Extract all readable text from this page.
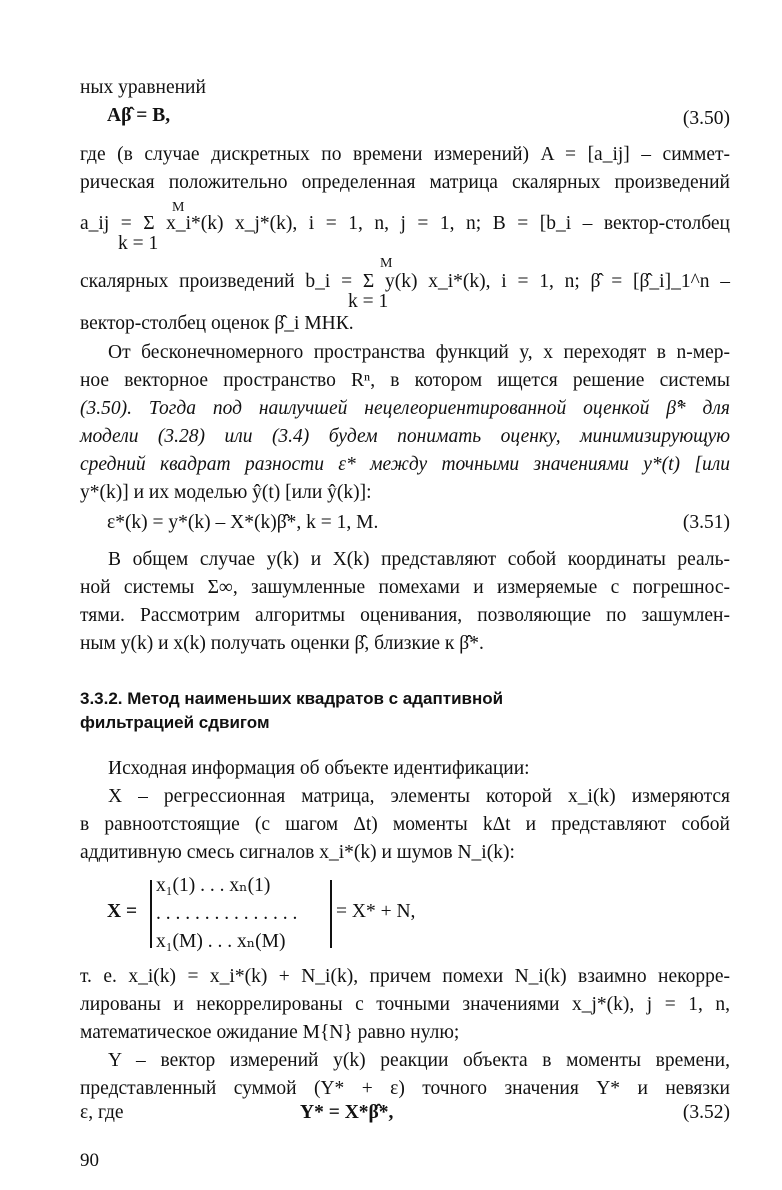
ных уравнений
Aβ̂ = B,	(3.50)
где (в случае дискретных по времени измерений) A = [a_ij] – симмет-
рическая положительно определенная матрица скалярных произведений
M
a_ij = Σ x_i*(k) x_j*(k), i = 1, n, j = 1, n; B = [b_i – вектор-столбец
k = 1
M
скалярных произведений b_i = Σ y(k) x_i*(k), i = 1, n; β̂ = [β̂_i]_1^n –
k = 1
вектор-столбец оценок β̂_i МНК.
От бесконечномерного пространства функций y, x переходят в n-мер-
ное векторное пространство Rⁿ, в котором ищется решение системы
(3.50). Тогда под наилучшей нецелеориентированной оценкой β̂* для
модели (3.28) или (3.4) будем понимать оценку, минимизирующую
средний квадрат разности ε* между точными значениями y*(t) [или
y*(k)] и их моделью ŷ(t) [или ŷ(k)]:
ε*(k) = y*(k) – X*(k)β̂*, k = 1, M.	(3.51)
В общем случае y(k) и X(k) представляют собой координаты реаль-
ной системы Σ∞, зашумленные помехами и измеряемые с погрешнос-
тями. Рассмотрим алгоритмы оценивания, позволяющие по зашумлен-
ным y(k) и x(k) получать оценки β̂, близкие к β̂*.
3.3.2. Метод наименьших квадратов с адаптивной
фильтрацией сдвигом
Исходная информация об объекте идентификации:
X – регрессионная матрица, элементы которой x_i(k) измеряются
в равноотстоящие (с шагом Δt) моменты kΔt и представляют собой
аддитивную смесь сигналов x_i*(k) и шумов N_i(k):
X =
x₁(1) . . . xₙ(1)
. . . . . . . . . . . . . . .
x₁(M) . . . xₙ(M)
= X* + N,
т. е. x_i(k) = x_i*(k) + N_i(k), причем помехи N_i(k) взаимно некорре-
лированы и некоррелированы с точными значениями x_j*(k), j = 1, n,
математическое ожидание M{N} равно нулю;
Y – вектор измерений y(k) реакции объекта в моменты времени,
90
представленный суммой (Y* + ε) точного значения Y* и невязки
ε, где	Y* = X*β̂*,	(3.52)
